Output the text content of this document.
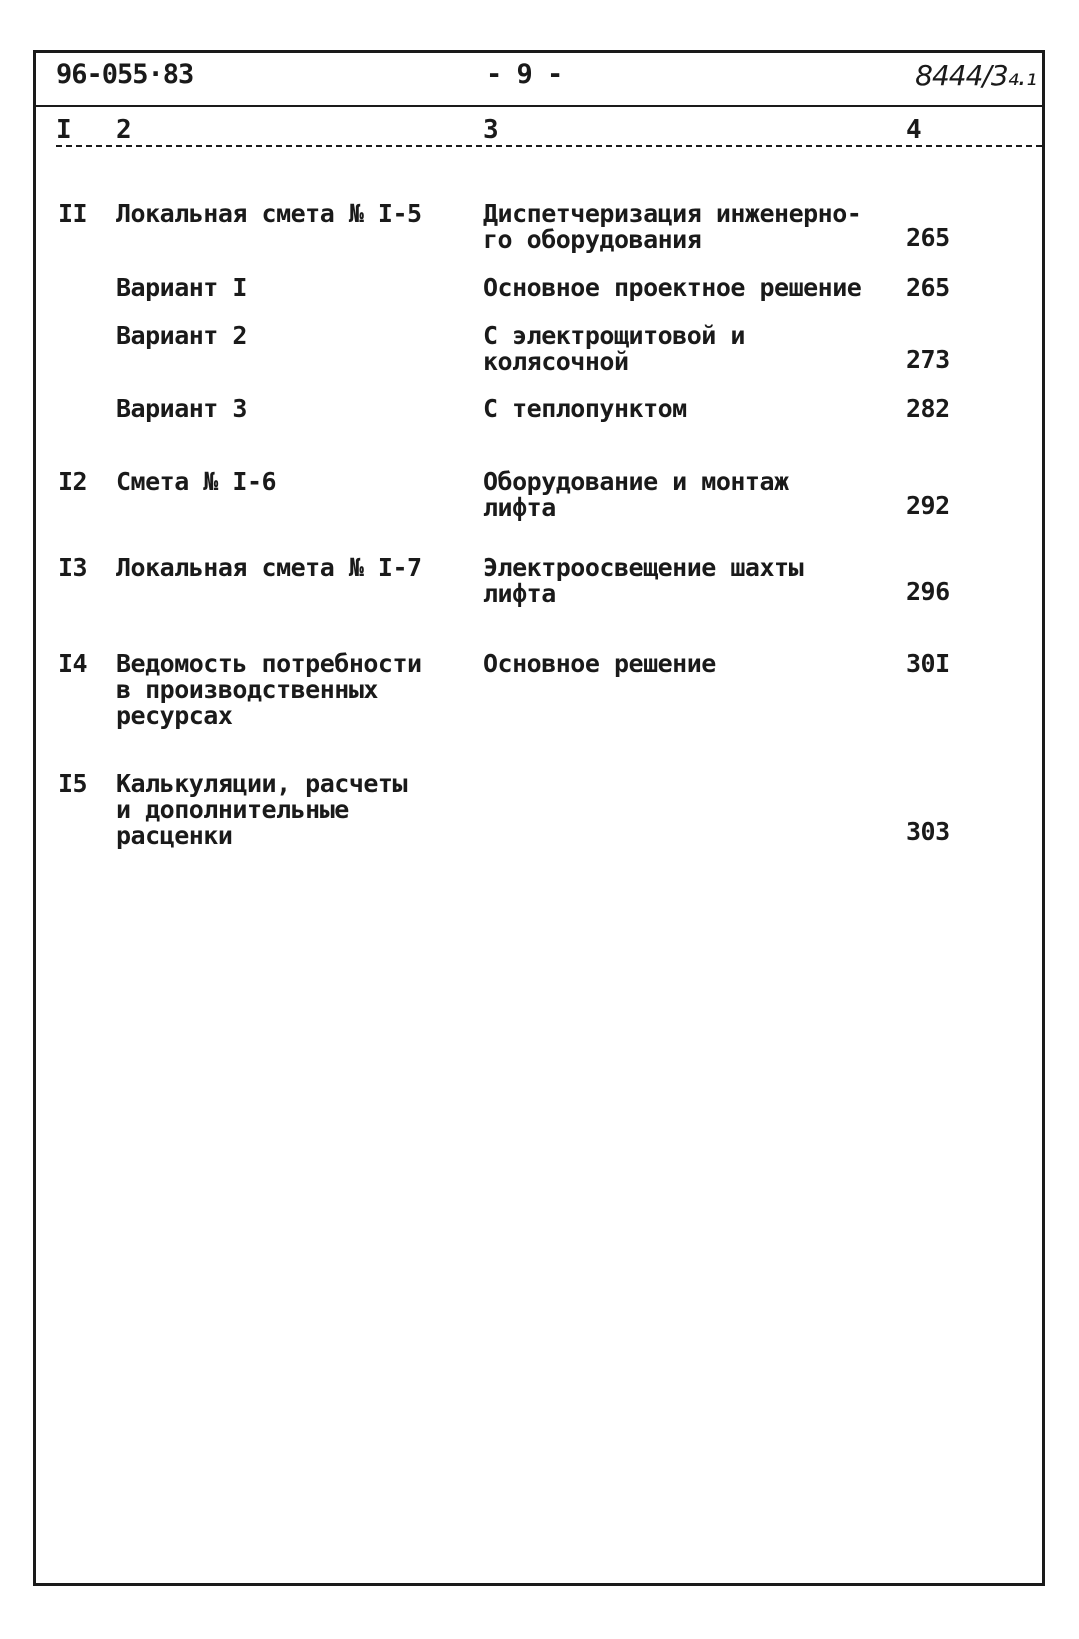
96-055·83	- 9 -	8444/3₄.₁
I 2	3	4
II Локальная смета № I-5	Диспетчеризация инженерно-
го оборудования	265
Вариант I	Основное проектное решение	265
Вариант 2	С электрощитовой и
колясочной	273
Вариант 3	С теплопунктом	282
I2 Смета № I-6	Оборудование и монтаж
лифта	292
I3 Локальная смета № I-7	Электроосвещение шахты
лифта	296
I4 Ведомость потребности
в производственных
ресурсах
Основное решение	30I
I5 Калькуляции, расчеты
и дополнительные
расценки	303
